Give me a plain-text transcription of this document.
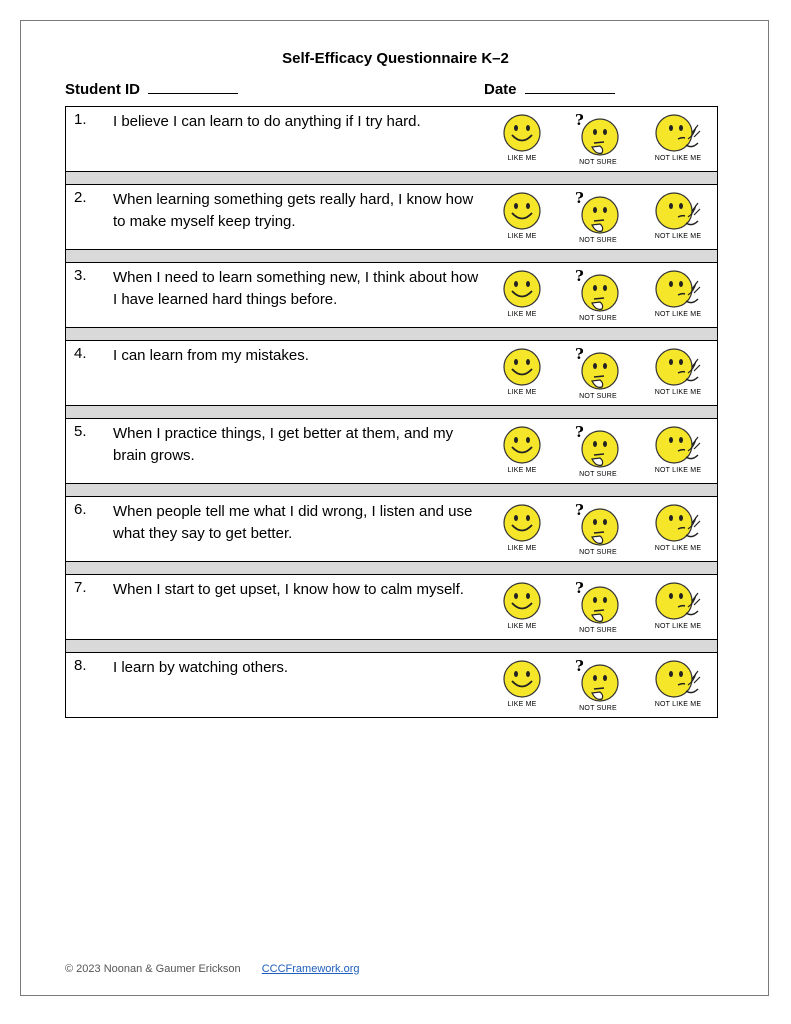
Self-Efficacy Questionnaire K–2
Student ID	Date
1. I believe I can learn to do anything if I try hard.
LIKE ME
?
NOT SURE
NOT LIKE ME
2. When learning something gets really hard, I know how to make myself keep trying.
LIKE ME
?
NOT SURE
NOT LIKE ME
3. When I need to learn something new, I think about how I have learned hard things before.
LIKE ME
?
NOT SURE
NOT LIKE ME
4. I can learn from my mistakes.
LIKE ME
?
NOT SURE
NOT LIKE ME
5. When I practice things, I get better at them, and my brain grows.
LIKE ME
?
NOT SURE
NOT LIKE ME
6. When people tell me what I did wrong, I listen and use what they say to get better.
LIKE ME
?
NOT SURE
NOT LIKE ME
7. When I start to get upset, I know how to calm myself.
LIKE ME
?
NOT SURE
NOT LIKE ME
8. I learn by watching others.
LIKE ME
?
NOT SURE
NOT LIKE ME
© 2023 Noonan & Gaumer Erickson CCCFramework.org
